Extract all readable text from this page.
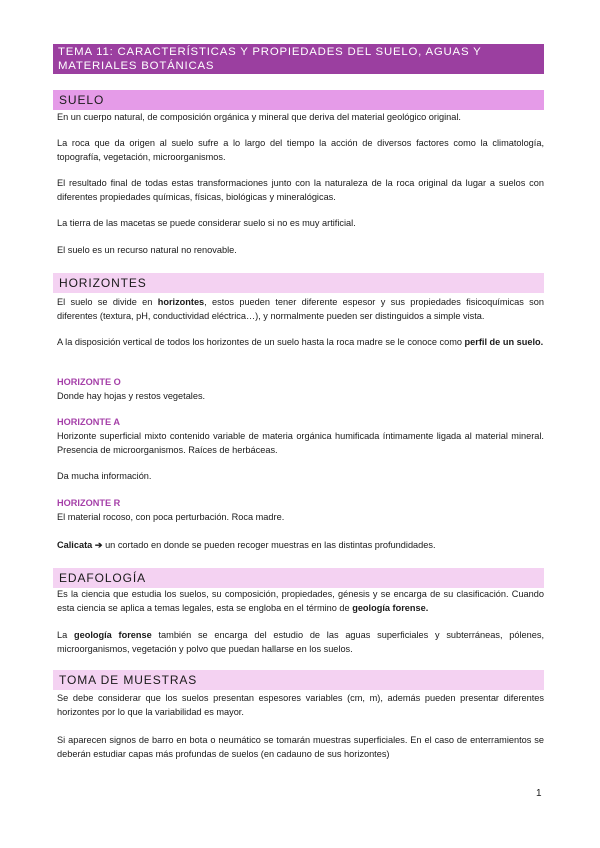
TEMA 11: CARACTERÍSTICAS Y PROPIEDADES DEL SUELO, AGUAS Y MATERIALES BOTÁNICAS
SUELO

En un cuerpo natural, de composición orgánica y mineral que deriva del material geológico original.

La roca que da origen al suelo sufre a lo largo del tiempo la acción de diversos factores como la climatología, topografía, vegetación, microorganismos.

El resultado final de todas estas transformaciones junto con la naturaleza de la roca original da lugar a suelos con diferentes propiedades químicas, físicas, biológicas y mineralógicas.

La tierra de las macetas se puede considerar suelo si no es muy artificial.

El suelo es un recurso natural no renovable.

HORIZONTES

El suelo se divide en horizontes, estos pueden tener diferente espesor y sus propiedades fisicoquímicas son diferentes (textura, pH, conductividad eléctrica…), y normalmente pueden ser distinguidos a simple vista.

A la disposición vertical de todos los horizontes de un suelo hasta la roca madre se le conoce como perfil de un suelo.

HORIZONTE O

Donde hay hojas y restos vegetales.

HORIZONTE A

Horizonte superficial mixto contenido variable de materia orgánica humificada íntimamente ligada al material mineral. Presencia de microorganismos. Raíces de herbáceas.

Da mucha información.

HORIZONTE R

El material rocoso, con poca perturbación. Roca madre.

Calicata ➔ un cortado en donde se pueden recoger muestras en las distintas profundidades.

EDAFOLOGÍA

Es la ciencia que estudia los suelos, su composición, propiedades, génesis y se encarga de su clasificación. Cuando esta ciencia se aplica a temas legales, esta se engloba en el término de geología forense.

La geología forense también se encarga del estudio de las aguas superficiales y subterráneas, pólenes, microorganismos, vegetación y polvo que puedan hallarse en los suelos.

TOMA DE MUESTRAS

Se debe considerar que los suelos presentan espesores variables (cm, m), además pueden presentar diferentes horizontes por lo que la variabilidad es mayor.

Si aparecen signos de barro en bota o neumático se tomarán muestras superficiales. En el caso de enterramientos se deberán estudiar capas más profundas de suelos (en cadauno de sus horizontes)

1
